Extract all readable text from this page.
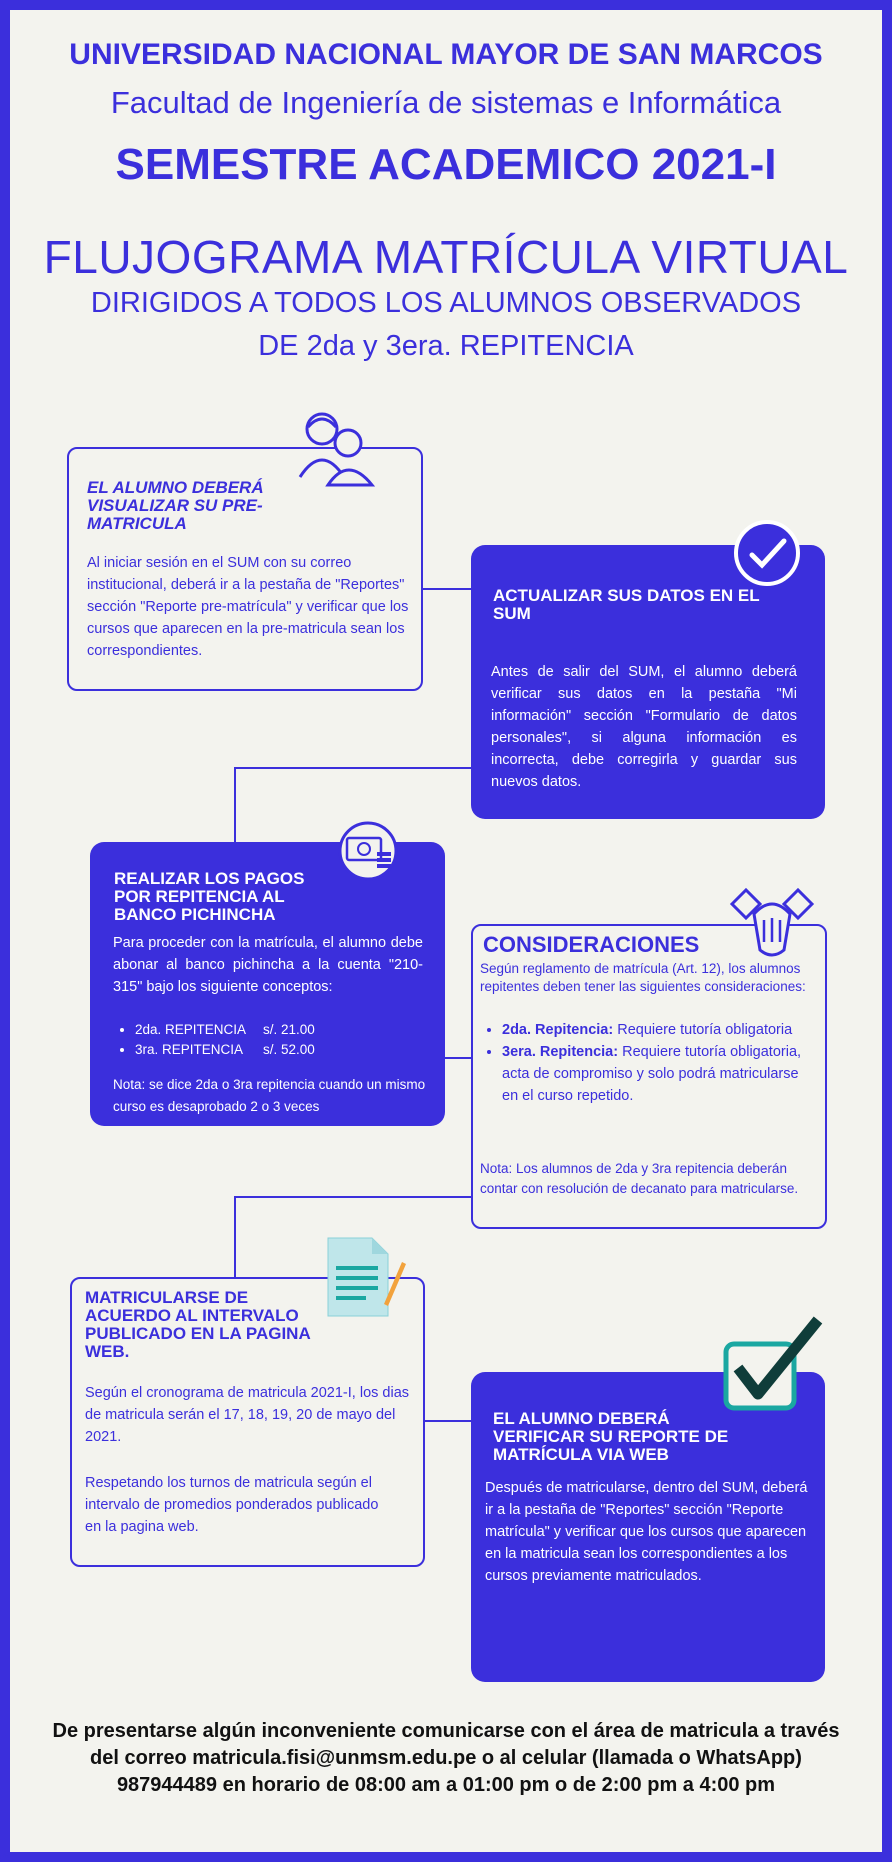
UNIVERSIDAD NACIONAL MAYOR DE SAN MARCOS
Facultad de Ingeniería de sistemas e Informática
SEMESTRE ACADEMICO 2021-I
FLUJOGRAMA MATRÍCULA VIRTUAL
DIRIGIDOS A TODOS LOS ALUMNOS OBSERVADOS
DE 2da y 3era. REPITENCIA
EL ALUMNO DEBERÁ VISUALIZAR SU PRE-MATRICULA
Al iniciar sesión en el SUM con su correo institucional, deberá ir a la pestaña de "Reportes" sección "Reporte pre-matrícula" y verificar que los cursos que aparecen en la pre-matricula sean los correspondientes.
ACTUALIZAR SUS DATOS EN EL SUM
Antes de salir del SUM, el alumno deberá verificar sus datos en la pestaña "Mi información" sección "Formulario de datos personales", si alguna información es incorrecta, debe corregirla y guardar sus nuevos datos.
REALIZAR LOS PAGOS POR REPITENCIA AL BANCO PICHINCHA
Para proceder con la matrícula, el alumno debe abonar al banco pichincha a la cuenta "210-315" bajo los siguiente conceptos:
• 2da. REPITENCIA	s/. 21.00
• 3ra. REPITENCIA	s/. 52.00
Nota: se dice 2da o 3ra repitencia cuando un mismo curso es desaprobado 2 o 3 veces
CONSIDERACIONES
Según reglamento de matrícula (Art. 12), los alumnos repitentes deben tener las siguientes consideraciones:
• 2da. Repitencia: Requiere tutoría obligatoria
• 3era. Repitencia: Requiere tutoría obligatoria, acta de compromiso y solo podrá matricularse en el curso repetido.
Nota: Los alumnos de 2da y 3ra repitencia deberán contar con resolución de decanato para matricularse.
MATRICULARSE DE ACUERDO AL INTERVALO PUBLICADO EN LA PAGINA WEB.
Según el cronograma de matricula 2021-I, los dias de matricula serán el 17, 18, 19, 20 de mayo del 2021.
Respetando los turnos de matricula según el intervalo de promedios ponderados publicado en la pagina web.
EL ALUMNO DEBERÁ VERIFICAR SU REPORTE DE MATRÍCULA VIA WEB
Después de matricularse, dentro del SUM, deberá ir a la pestaña de "Reportes" sección "Reporte matrícula" y verificar que los cursos que aparecen en la matricula sean los correspondientes a los cursos previamente matriculados.
De presentarse algún inconveniente comunicarse con el área de matricula a través del correo matricula.fisi@unmsm.edu.pe o al celular (llamada o WhatsApp) 987944489 en horario de 08:00 am a 01:00 pm o de 2:00 pm a 4:00 pm
